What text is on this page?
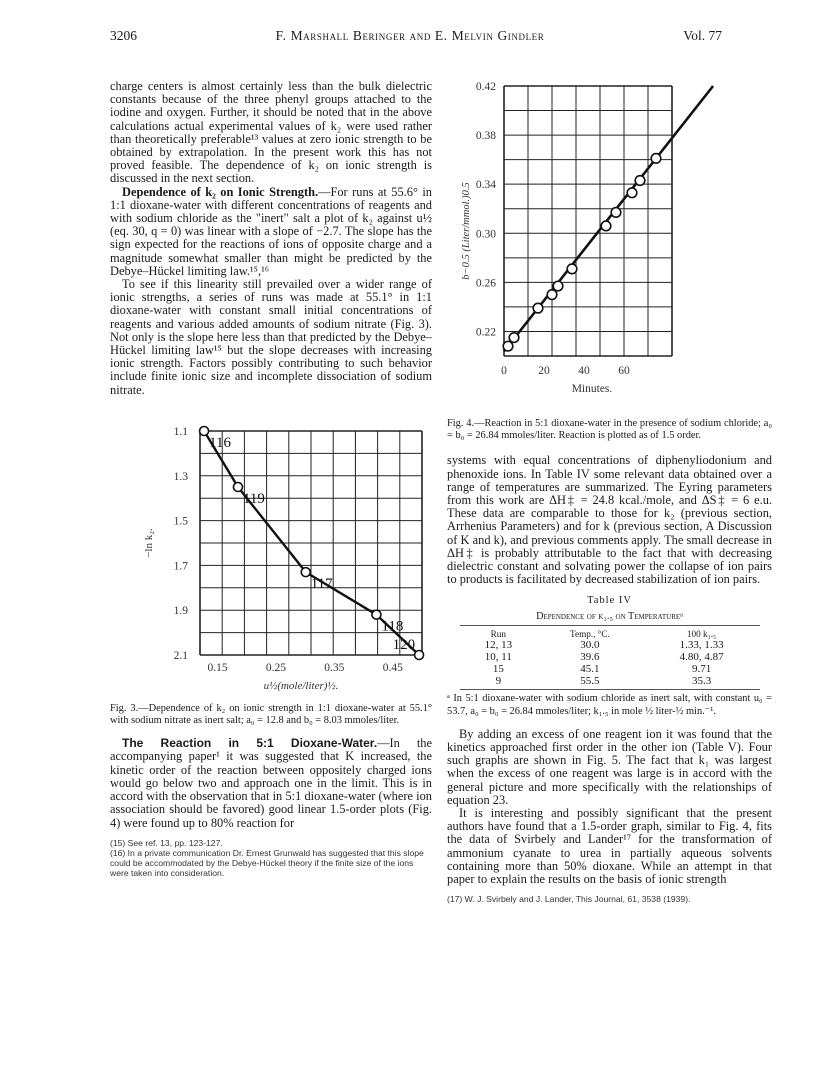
3206	F. Marshall Beringer and E. Melvin Gindler	Vol. 77

charge centers is almost certainly less than the bulk dielectric constants because of the three phenyl groups attached to the iodine and oxygen. Further, it should be noted that in the above calculations actual experimental values of k₂ were used rather than theoretically preferable¹³ values at zero ionic strength to be obtained by extrapolation. In the present work this has not proved feasible. The dependence of k₂ on ionic strength is discussed in the next section.

Dependence of k₂ on Ionic Strength.—For runs at 55.6° in 1:1 dioxane-water with different concentrations of reagents and with sodium chloride as the "inert" salt a plot of k₂ against u½ (eq. 30, q = 0) was linear with a slope of −2.7. The slope has the sign expected for the reactions of ions of opposite charge and a magnitude somewhat smaller than might be predicted by the Debye–Hückel limiting law.¹⁵,¹⁶

To see if this linearity still prevailed over a wider range of ionic strengths, a series of runs was made at 55.1° in 1:1 dioxane-water with constant small initial concentrations of reagents and various added amounts of sodium nitrate (Fig. 3). Not only is the slope here less than that predicted by the Debye–Hückel limiting law¹⁵ but the slope decreases with increasing ionic strength. Factors possibly contributing to such behavior include finite ionic size and incomplete dissociation of sodium nitrate.

1.1
1.3
1.5
1.7
1.9
2.1
0.15	0.25	0.35	0.45
u½(mole/liter)½.
−ln k₂.
116
119
117
118
120

Fig. 3.—Dependence of k₂ on ionic strength in 1:1 dioxane-water at 55.1° with sodium nitrate as inert salt; a₀ = 12.8 and b₀ = 8.03 mmoles/liter.

The Reaction in 5:1 Dioxane-Water.—In the accompanying paper¹ it was suggested that K increased, the kinetic order of the reaction between oppositely charged ions would go below two and approach one in the limit. This is in accord with the observation that in 5:1 dioxane-water (where ion association should be favored) good linear 1.5-order plots (Fig. 4) were found up to 80% reaction for

(15) See ref. 13, pp. 123-127.
(16) In a private communication Dr. Ernest Grunwald has suggested that this slope could be accommodated by the Debye-Hückel theory if the finite size of the ions were taken into consideration.
0.42
0.38
0.34
0.30
0.26
0.22
0	20 40 60
Minutes.
b−0.5 (Liter/mmol.)0.5

Fig. 4.—Reaction in 5:1 dioxane-water in the presence of sodium chloride; a₀ = b₀ = 26.84 mmoles/liter. Reaction is plotted as of 1.5 order.

systems with equal concentrations of diphenyliodonium and phenoxide ions. In Table IV some relevant data obtained over a range of temperatures are summarized. The Eyring parameters from this work are ΔH‡ = 24.8 kcal./mole, and ΔS‡ = 6 e.u. These data are comparable to those for k₂ (previous section, Arrhenius Parameters) and for k (previous section, A Discussion of K and k), and previous comments apply. The small decrease in ΔH‡ is probably attributable to the fact that with decreasing dielectric constant and solvating power the collapse of ion pairs to products is facilitated by decreased stabilization of ion pairs.

Table IV
Dependence of k₁.₅ on Temperatureᵃ
Run	Temp., °C.	100 k₁.₅
12, 13	30.0	1.33, 1.33
10, 11	39.6	4.80, 4.87
15	45.1	9.71
9	55.5	35.3

ᵃ In 5:1 dioxane-water with sodium chloride as inert salt, with constant u₀ = 53.7, a₀ = b₀ = 26.84 mmoles/liter; k₁.₅ in mole ½ liter-½ min.⁻¹.

By adding an excess of one reagent ion it was found that the kinetics approached first order in the other ion (Table V). Four such graphs are shown in Fig. 5. The fact that k₁ was largest when the excess of one reagent was large is in accord with the general picture and more specifically with the relationships of equation 23.

It is interesting and possibly significant that the present authors have found that a 1.5-order graph, similar to Fig. 4, fits the data of Svirbely and Lander¹⁷ for the transformation of ammonium cyanate to urea in partially aqueous solvents containing more than 50% dioxane. While an attempt in that paper to explain the results on the basis of ionic strength

(17) W. J. Svirbely and J. Lander, This Journal, 61, 3538 (1939).
